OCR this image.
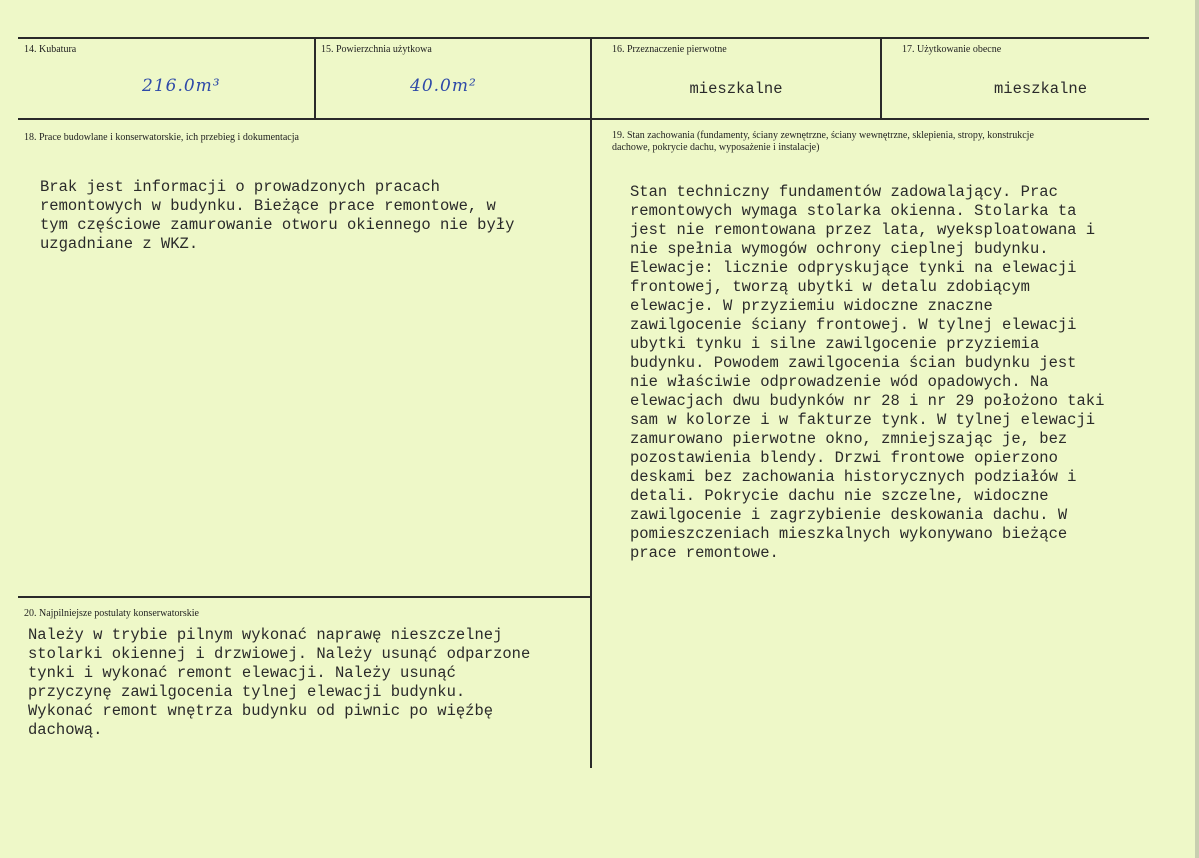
14. Kubatura
216.0m³
15. Powierzchnia użytkowa
40.0m²
16. Przeznaczenie pierwotne
mieszkalne
17. Użytkowanie obecne
mieszkalne
18. Prace budowlane i konserwatorskie, ich przebieg i dokumentacja
Brak jest informacji o prowadzonych pracach
remontowych w budynku. Bieżące prace remontowe, w
tym częściowe zamurowanie otworu okiennego nie były
uzgadniane z WKZ.
19. Stan zachowania (fundamenty, ściany zewnętrzne, ściany wewnętrzne, sklepienia, stropy, konstrukcje
dachowe, pokrycie dachu, wyposażenie i instalacje)
Stan techniczny fundamentów zadowalający. Prac
remontowych wymaga stolarka okienna. Stolarka ta
jest nie remontowana przez lata, wyeksploatowana i
nie spełnia wymogów ochrony cieplnej budynku.
Elewacje: licznie odpryskujące tynki na elewacji
frontowej, tworzą ubytki w detalu zdobiącym
elewacje. W przyziemiu widoczne znaczne
zawilgocenie ściany frontowej. W tylnej elewacji
ubytki tynku i silne zawilgocenie przyziemia
budynku. Powodem zawilgocenia ścian budynku jest
nie właściwie odprowadzenie wód opadowych. Na
elewacjach dwu budynków nr 28 i nr 29 położono taki
sam w kolorze i w fakturze tynk. W tylnej elewacji
zamurowano pierwotne okno, zmniejszając je, bez
pozostawienia blendy. Drzwi frontowe opierzono
deskami bez zachowania historycznych podziałów i
detali. Pokrycie dachu nie szczelne, widoczne
zawilgocenie i zagrzybienie deskowania dachu. W
pomieszczeniach mieszkalnych wykonywano bieżące
prace remontowe.
20. Najpilniejsze postulaty konserwatorskie
Należy w trybie pilnym wykonać naprawę nieszczelnej
stolarki okiennej i drzwiowej. Należy usunąć odparzone
tynki i wykonać remont elewacji. Należy usunąć
przyczynę zawilgocenia tylnej elewacji budynku.
Wykonać remont wnętrza budynku od piwnic po więźbę
dachową.
